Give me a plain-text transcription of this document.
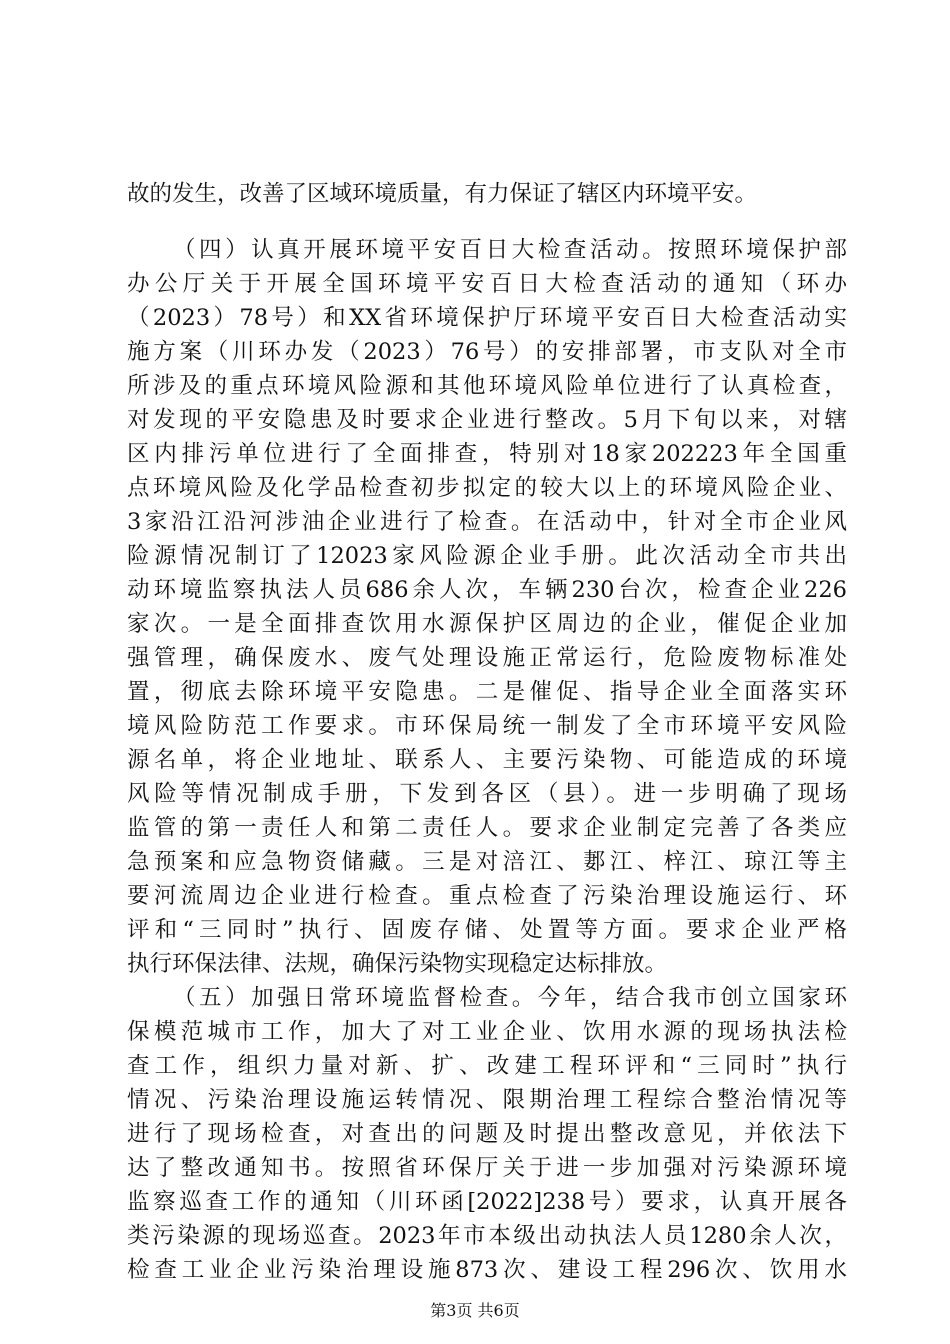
故的发生，改善了区域环境质量，有力保证了辖区内环境平安。
（四）认真开展环境平安百日大检查活动。按照环境保护部
办公厅关于开展全国环境平安百日大检查活动的通知（环办
（2023）78号）和XX省环境保护厅环境平安百日大检查活动实
施方案（川环办发（2023）76号）的安排部署，市支队对全市
所涉及的重点环境风险源和其他环境风险单位进行了认真检查，
对发现的平安隐患及时要求企业进行整改。5月下旬以来，对辖
区内排污单位进行了全面排查，特别对18家202223年全国重
点环境风险及化学品检查初步拟定的较大以上的环境风险企业、
3家沿江沿河涉油企业进行了检查。在活动中，针对全市企业风
险源情况制订了12023家风险源企业手册。此次活动全市共出
动环境监察执法人员686余人次，车辆230台次，检查企业226
家次。一是全面排查饮用水源保护区周边的企业，催促企业加
强管理，确保废水、废气处理设施正常运行，危险废物标准处
置，彻底去除环境平安隐患。二是催促、指导企业全面落实环
境风险防范工作要求。市环保局统一制发了全市环境平安风险
源名单，将企业地址、联系人、主要污染物、可能造成的环境
风险等情况制成手册，下发到各区（县）。进一步明确了现场
监管的第一责任人和第二责任人。要求企业制定完善了各类应
急预案和应急物资储藏。三是对涪江、郪江、梓江、琼江等主
要河流周边企业进行检查。重点检查了污染治理设施运行、环
评和“三同时”执行、固废存储、处置等方面。要求企业严格
执行环保法律、法规，确保污染物实现稳定达标排放。
（五）加强日常环境监督检查。今年，结合我市创立国家环
保模范城市工作，加大了对工业企业、饮用水源的现场执法检
查工作，组织力量对新、扩、改建工程环评和“三同时”执行
情况、污染治理设施运转情况、限期治理工程综合整治情况等
进行了现场检查，对查出的问题及时提出整改意见，并依法下
达了整改通知书。按照省环保厅关于进一步加强对污染源环境
监察巡查工作的通知（川环函[2022]238号）要求，认真开展各
类污染源的现场巡查。2023年市本级出动执法人员1280余人次，
检查工业企业污染治理设施873次、建设工程296次、饮用水
第3页 共6页
